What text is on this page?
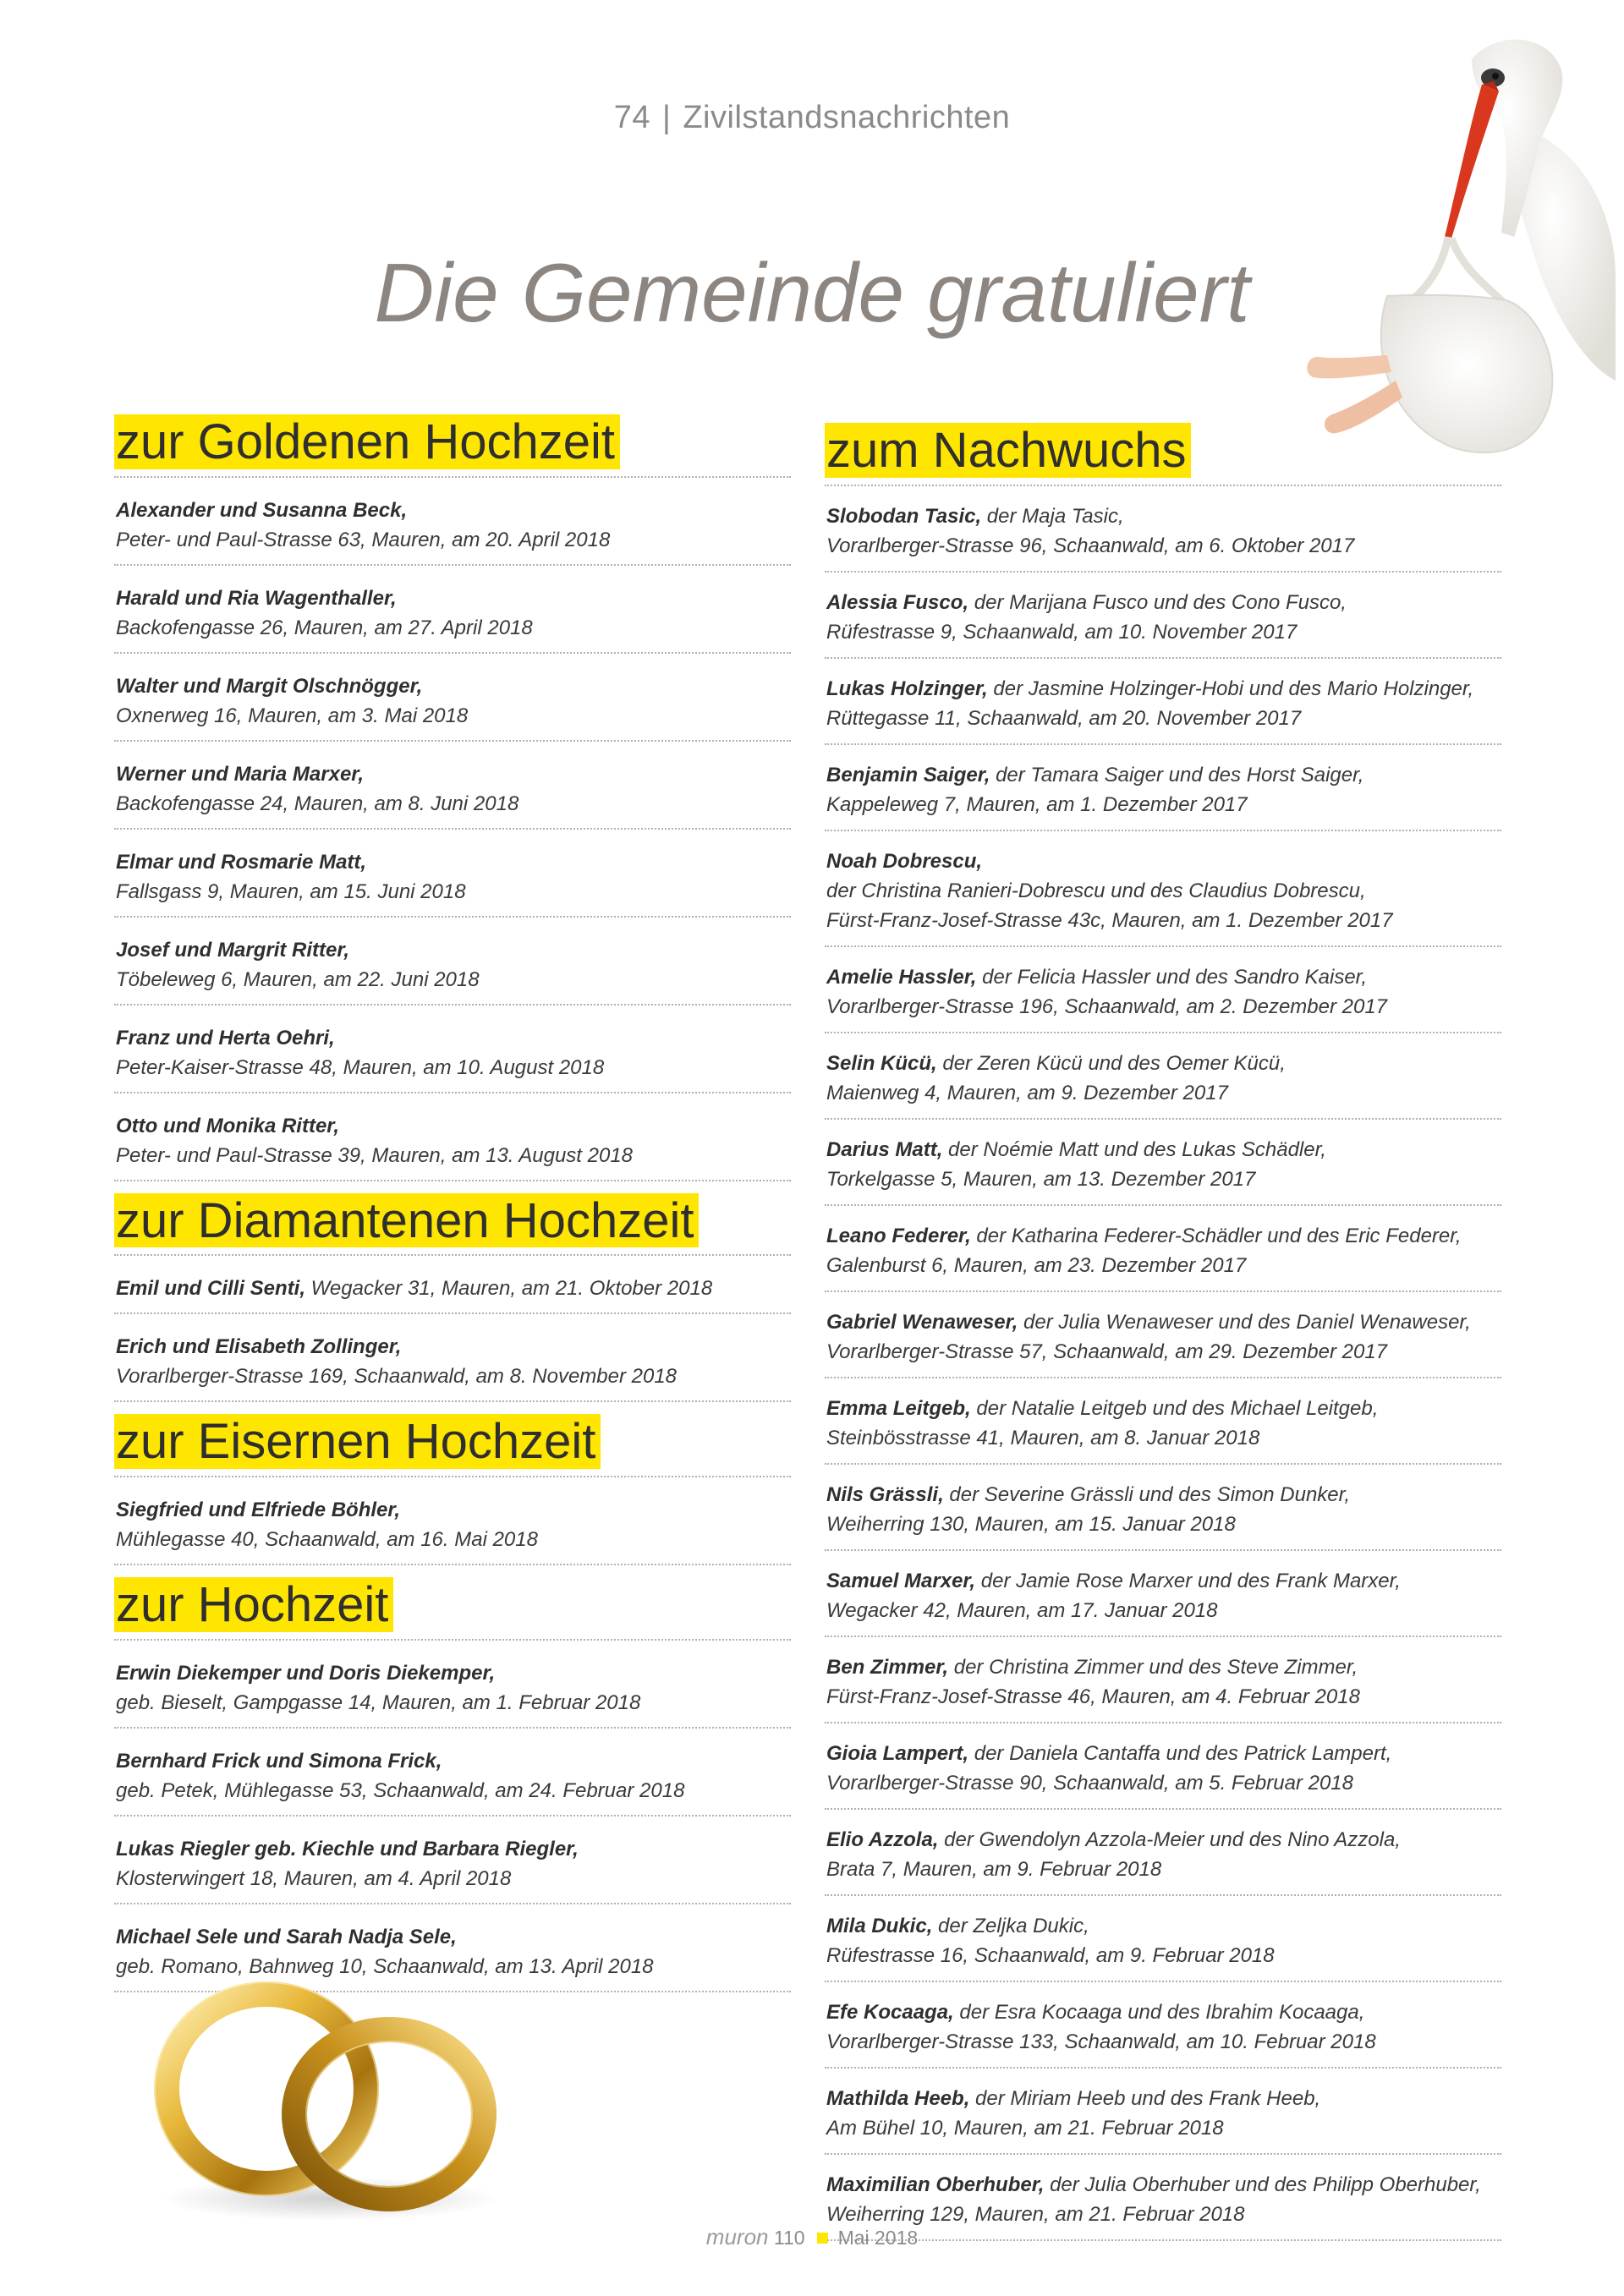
74 | Zivilstandsnachrichten
Die Gemeinde gratuliert
zur Goldenen Hochzeit
Alexander und Susanna Beck,
Peter- und Paul-Strasse 63, Mauren, am 20. April 2018
Harald und Ria Wagenthaller,
Backofengasse 26, Mauren, am 27. April 2018
Walter und Margit Olschnögger,
Oxnerweg 16, Mauren, am 3. Mai 2018
Werner und Maria Marxer,
Backofengasse 24, Mauren, am 8. Juni 2018
Elmar und Rosmarie Matt,
Fallsgass 9, Mauren, am 15. Juni 2018
Josef und Margrit Ritter,
Töbeleweg 6, Mauren, am 22. Juni 2018
Franz und Herta Oehri,
Peter-Kaiser-Strasse 48, Mauren, am 10. August 2018
Otto und Monika Ritter,
Peter- und Paul-Strasse 39, Mauren, am 13. August 2018
zur Diamantenen Hochzeit
Emil und Cilli Senti, Wegacker 31, Mauren, am 21. Oktober 2018
Erich und Elisabeth Zollinger,
Vorarlberger-Strasse 169, Schaanwald, am 8. November 2018
zur Eisernen Hochzeit
Siegfried und Elfriede Böhler,
Mühlegasse 40, Schaanwald, am 16. Mai 2018
zur Hochzeit
Erwin Diekemper und Doris Diekemper,
geb. Bieselt, Gampgasse 14, Mauren, am 1. Februar 2018
Bernhard Frick und Simona Frick,
geb. Petek, Mühlegasse 53, Schaanwald, am 24. Februar 2018
Lukas Riegler geb. Kiechle und Barbara Riegler,
Klosterwingert 18, Mauren, am 4. April 2018
Michael Sele und Sarah Nadja Sele,
geb. Romano, Bahnweg 10, Schaanwald, am 13. April 2018
zum Nachwuchs
Slobodan Tasic, der Maja Tasic,
Vorarlberger-Strasse 96, Schaanwald, am 6. Oktober 2017
Alessia Fusco, der Marijana Fusco und des Cono Fusco,
Rüfestrasse 9, Schaanwald, am 10. November 2017
Lukas Holzinger, der Jasmine Holzinger-Hobi und des Mario Holzinger,
Rüttegasse 11, Schaanwald, am 20. November 2017
Benjamin Saiger, der Tamara Saiger und des Horst Saiger,
Kappeleweg 7, Mauren, am 1. Dezember 2017
Noah Dobrescu,
der Christina Ranieri-Dobrescu und des Claudius Dobrescu,
Fürst-Franz-Josef-Strasse 43c, Mauren, am 1. Dezember 2017
Amelie Hassler, der Felicia Hassler und des Sandro Kaiser,
Vorarlberger-Strasse 196, Schaanwald, am 2. Dezember 2017
Selin Kücü, der Zeren Kücü und des Oemer Kücü,
Maienweg 4, Mauren, am 9. Dezember 2017
Darius Matt, der Noémie Matt und des Lukas Schädler,
Torkelgasse 5, Mauren, am 13. Dezember 2017
Leano Federer, der Katharina Federer-Schädler und des Eric Federer,
Galenburst 6, Mauren, am 23. Dezember 2017
Gabriel Wenaweser, der Julia Wenaweser und des Daniel Wenaweser,
Vorarlberger-Strasse 57, Schaanwald, am 29. Dezember 2017
Emma Leitgeb, der Natalie Leitgeb und des Michael Leitgeb,
Steinbösstrasse 41, Mauren, am 8. Januar 2018
Nils Grässli, der Severine Grässli und des Simon Dunker,
Weiherring 130, Mauren, am 15. Januar 2018
Samuel Marxer, der Jamie Rose Marxer und des Frank Marxer,
Wegacker 42, Mauren, am 17. Januar 2018
Ben Zimmer, der Christina Zimmer und des Steve Zimmer,
Fürst-Franz-Josef-Strasse 46, Mauren, am 4. Februar 2018
Gioia Lampert, der Daniela Cantaffa und des Patrick Lampert,
Vorarlberger-Strasse 90, Schaanwald, am 5. Februar 2018
Elio Azzola, der Gwendolyn Azzola-Meier und des Nino Azzola,
Brata 7, Mauren, am 9. Februar 2018
Mila Dukic, der Zeljka Dukic,
Rüfestrasse 16, Schaanwald, am 9. Februar 2018
Efe Kocaaga, der Esra Kocaaga und des Ibrahim Kocaaga,
Vorarlberger-Strasse 133, Schaanwald, am 10. Februar 2018
Mathilda Heeb, der Miriam Heeb und des Frank Heeb,
Am Bühel 10, Mauren, am 21. Februar 2018
Maximilian Oberhuber, der Julia Oberhuber und des Philipp Oberhuber,
Weiherring 129, Mauren, am 21. Februar 2018
muron 110 Mai 2018
